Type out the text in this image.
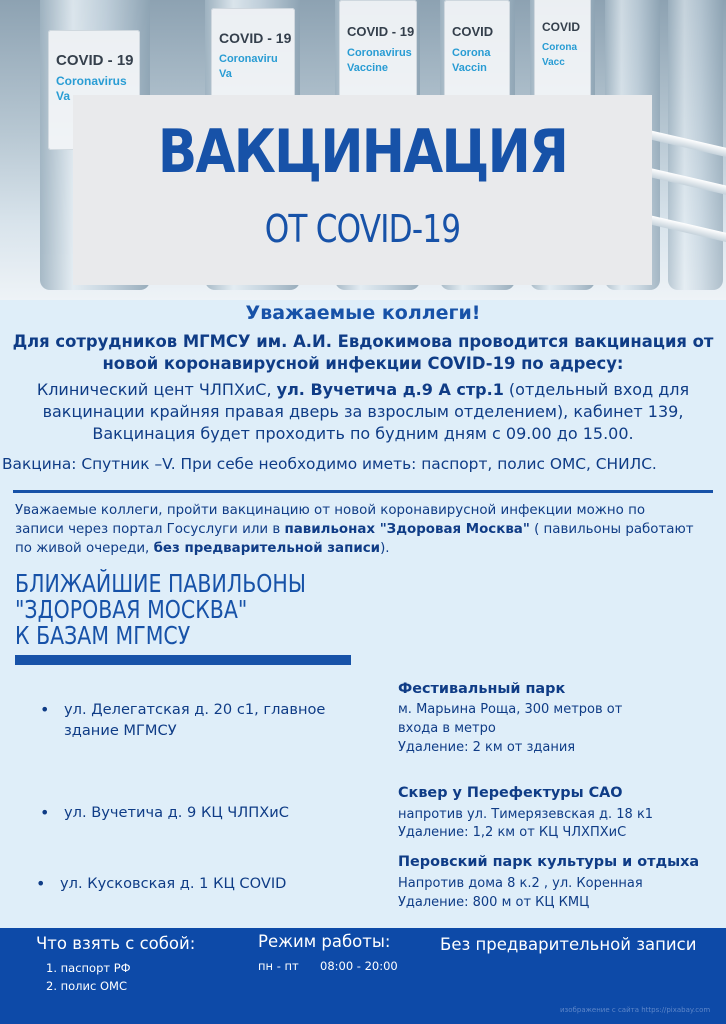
COVID - 19
Coronavirus
Va
COVID - 19
Coronaviru
Va
COVID - 19
Coronavirus
Vaccine
COVID
Corona
Vaccin
COVID
Corona
Vacc
ВАКЦИНАЦИЯ
ОТ COVID-19
Уважаемые коллеги!
Для сотрудников МГМСУ им. А.И. Евдокимова проводится вакцинация от новой коронавирусной инфекции COVID-19 по адресу:
Клинический цент ЧЛПХиС, ул. Вучетича д.9 А стр.1 (отдельный вход для вакцинации крайняя правая дверь за взрослым отделением), кабинет 139, Вакцинация будет проходить по будним дням с 09.00 до 15.00.
Вакцина: Спутник –V. При себе необходимо иметь: паспорт, полис ОМС, СНИЛС.
Уважаемые коллеги, пройти вакцинацию от новой коронавирусной инфекции можно по записи через портал Госуслуги или в павильонах "Здоровая Москва" ( павильоны работают по живой очереди, без предварительной записи).
БЛИЖАЙШИЕ ПАВИЛЬОНЫ
"ЗДОРОВАЯ МОСКВА"
К БАЗАМ МГМСУ
• ул. Делегатская д. 20 с1, главное
здание МГМСУ
• ул. Вучетича д. 9 КЦ ЧЛПХиС
• ул. Кусковская д. 1 КЦ COVID
Фестивальный парк
м. Марьина Роща, 300 метров от
входа в метро
Удаление: 2 км от здания
Сквер у Перефектуры САО
напротив ул. Тимерязевская д. 18 к1
Удаление: 1,2 км от КЦ ЧЛХПХиС
Перовский парк культуры и отдыха
Напротив дома 8 к.2 , ул. Коренная
Удаление: 800 м от КЦ КМЦ
Что взять с собой:
1. паспорт РФ
2. полис ОМС
Режим работы:
пн - пт 08:00 - 20:00
Без предварительной записи
изображение с сайта https://pixabay.com
